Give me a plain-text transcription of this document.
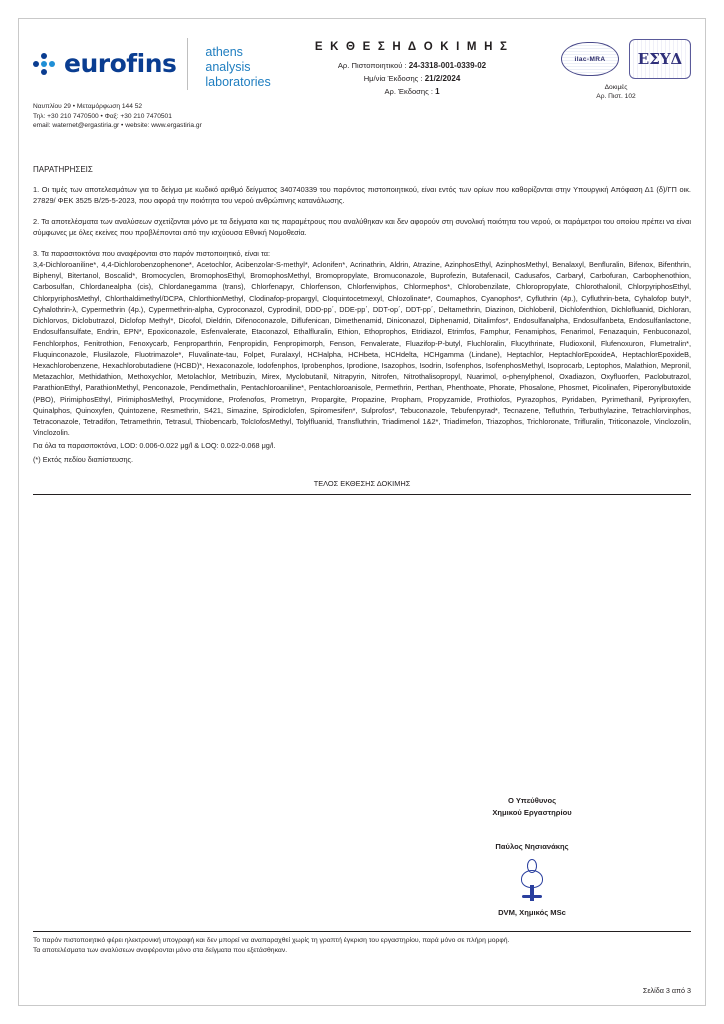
eurofins athens analysis
laboratories
Ναυπλίου 29 • Μεταμόρφωση 144 52
Τηλ: +30 210 7470500 • Φαξ: +30 210 7470501
email: waternet@ergastiria.gr • website: www.ergastiria.gr
Ε Κ Θ Ε Σ Η Δ Ο Κ Ι Μ Η Σ
Αρ. Πιστοποιητικού : 24-3318-001-0339-02
Ημ/νία Έκδοσης : 21/2/2024
Αρ. Έκδοσης : 1
ilac-MRA	ΕΣΥΔ
Δοκιμές
Αρ. Πιστ. 102
ΠΑΡΑΤΗΡΗΣΕΙΣ
1. Οι τιμές των αποτελεσμάτων για το δείγμα με κωδικό αριθμό δείγματος 340740339 του παρόντος πιστοποιητικού, είναι εντός των ορίων που καθορίζονται στην Υπουργική Απόφαση Δ1 (δ)/ΓΠ οικ. 27829/ ΦΕΚ 3525 Β/25-5-2023, που αφορά την ποιότητα του νερού ανθρώπινης κατανάλωσης.
2. Τα αποτελέσματα των αναλύσεων σχετίζονται μόνο με τα δείγματα και τις παραμέτρους που αναλύθηκαν και δεν αφορούν στη συνολική ποιότητα του νερού, οι παράμετροι του οποίου πρέπει να είναι σύμφωνες με όλες εκείνες που προβλέπονται από την ισχύουσα Εθνική Νομοθεσία.
3. Τα παρασιτοκτόνα που αναφέρονται στο παρόν πιστοποιητικό, είναι τα:
3,4-Dichloroaniline*, 4,4-Dichlorobenzophenone*, Acetochlor, Acibenzolar-S-methyl*, Aclonifen*, Acrinathrin, Aldrin, Atrazine, AzinphosEthyl, AzinphosMethyl, Benalaxyl, Benfluralin, Bifenox, Bifenthrin, Biphenyl, Bitertanol, Boscalid*, Bromocyclen, BromophosEthyl, BromophosMethyl, Bromopropylate, Bromuconazole, Buprofezin, Butafenacil, Cadusafos, Carbaryl, Carbofuran, Carbophenothion, Carbosulfan, Chlordanealpha (cis), Chlordanegamma (trans), Chlorfenapyr, Chlorfenson, Chlorfenviphos, Chlormephos*, Chlorobenzilate, Chloropropylate, Chlorothalonil, ChlorpyriphosEthyl, ChlorpyriphosMethyl, Chlorthaldimethyl/DCPA, ChlorthionMethyl, Clodinafop-propargyl, Cloquintocetmexyl, Chlozolinate*, Coumaphos, Cyanophos*, Cyfluthrin (4p.), Cyfluthrin-beta, Cyhalofop butyl*, Cyhalothrin-λ, Cypermethrin (4p.), Cypermethrin-alpha, Cyproconazol, Cyprodinil, DDD-pp΄, DDE-pp΄, DDT-op΄, DDT-pp΄, Deltamethrin, Diazinon, Dichlobenil, Dichlofenthion, Dichlofluanid, Dichloran, Dichlorvos, Diclobutrazol, Diclofop Methyl*, Dicofol, Dieldrin, Difenoconazole, Diflufenican, Dimethenamid, Diniconazol, Diphenamid, Ditalimfos*, Endosulfanalpha, Endosulfanbeta, Endosulfanlactone, Endosulfansulfate, Endrin, EPN*, Epoxiconazole, Esfenvalerate, Etaconazol, Ethalfluralin, Ethion, Ethoprophos, Etridiazol, Etrimfos, Famphur, Fenamiphos, Fenarimol, Fenazaquin, Fenbuconazol, Fenchlorphos, Fenitrothion, Fenoxycarb, Fenproparthrin, Fenpropidin, Fenpropimorph, Fenson, Fenvalerate, Fluazifop-P-butyl, Fluchloralin, Flucythrinate, Fludioxonil, Flufenoxuron, Flumetralin*, Fluquinconazole, Flusilazole, Fluotrimazole*, Fluvalinate-tau, Folpet, Furalaxyl, HCHalpha, HCHbeta, HCHdelta, HCHgamma (Lindane), Heptachlor, HeptachlorEpoxideA, HeptachlorEpoxideB, Hexachlorobenzene, Hexachlorobutadiene (HCBD)*, Hexaconazole, Iodofenphos, Iprobenphos, Iprodione, Isazophos, Isodrin, Isofenphos, IsofenphosMethyl, Isoprocarb, Leptophos, Malathion, Mepronil, Metazachlor, Methidathion, Methoxychlor, Metolachlor, Metribuzin, Mirex, Myclobutanil, Nitrapyrin, Nitrofen, Nitrothalisopropyl, Nuarimol, o-phenylphenol, Oxadiazon, Oxyfluorfen, Paclobutrazol, ParathionEthyl, ParathionMethyl, Penconazole, Pendimethalin, Pentachloroaniline*, Pentachloroanisole, Permethrin, Perthan, Phenthoate, Phorate, Phosalone, Phosmet, Picolinafen, Piperonylbutoxide (PBO), PirimiphosEthyl, PirimiphosMethyl, Procymidone, Profenofos, Prometryn, Propargite, Propazine, Propham, Propyzamide, Prothiofos, Pyrazophos, Pyridaben, Pyrimethanil, Pyriproxyfen, Quinalphos, Quinoxyfen, Quintozene, Resmethrin, S421, Simazine, Spirodiclofen, Spiromesifen*, Sulprofos*, Tebuconazole, Tebufenpyrad*, Tecnazene, Tefluthrin, Terbuthylazine, Tetrachlorvinphos, Tetraconazole, Tetradifon, Tetramethrin, Tetrasul, Thiobencarb, TolcIofosMethyl, Tolylfluanid, Transfluthrin, Triadimenol 1&2*, Triadimefon, Triazophos, Trichloronate, Trifluralin, Triticonazole, Vinclozolin, Vinclozolin.
Για όλα τα παρασιτοκτόνα, LOD: 0.006-0.022 μg/l & LOQ: 0.022-0.068 μg/l.
(*) Εκτός πεδίου διαπίστευσης.
ΤΕΛΟΣ ΕΚΘΕΣΗΣ ΔΟΚΙΜΗΣ
Ο Υπεύθυνος
Χημικού Εργαστηρίου
Παύλος Νησιανάκης
DVM, Χημικός MSc
Το παρόν πιστοποιητικό φέρει ηλεκτρονική υπογραφή και δεν μπορεί να αναπαραχθεί χωρίς τη γραπτή έγκριση του εργαστηρίου, παρά μόνο σε πλήρη μορφή.
Τα αποτελέσματα των αναλύσεων αναφέρονται μόνο στα δείγματα που εξετάσθηκαν.
Σελίδα 3 από 3
